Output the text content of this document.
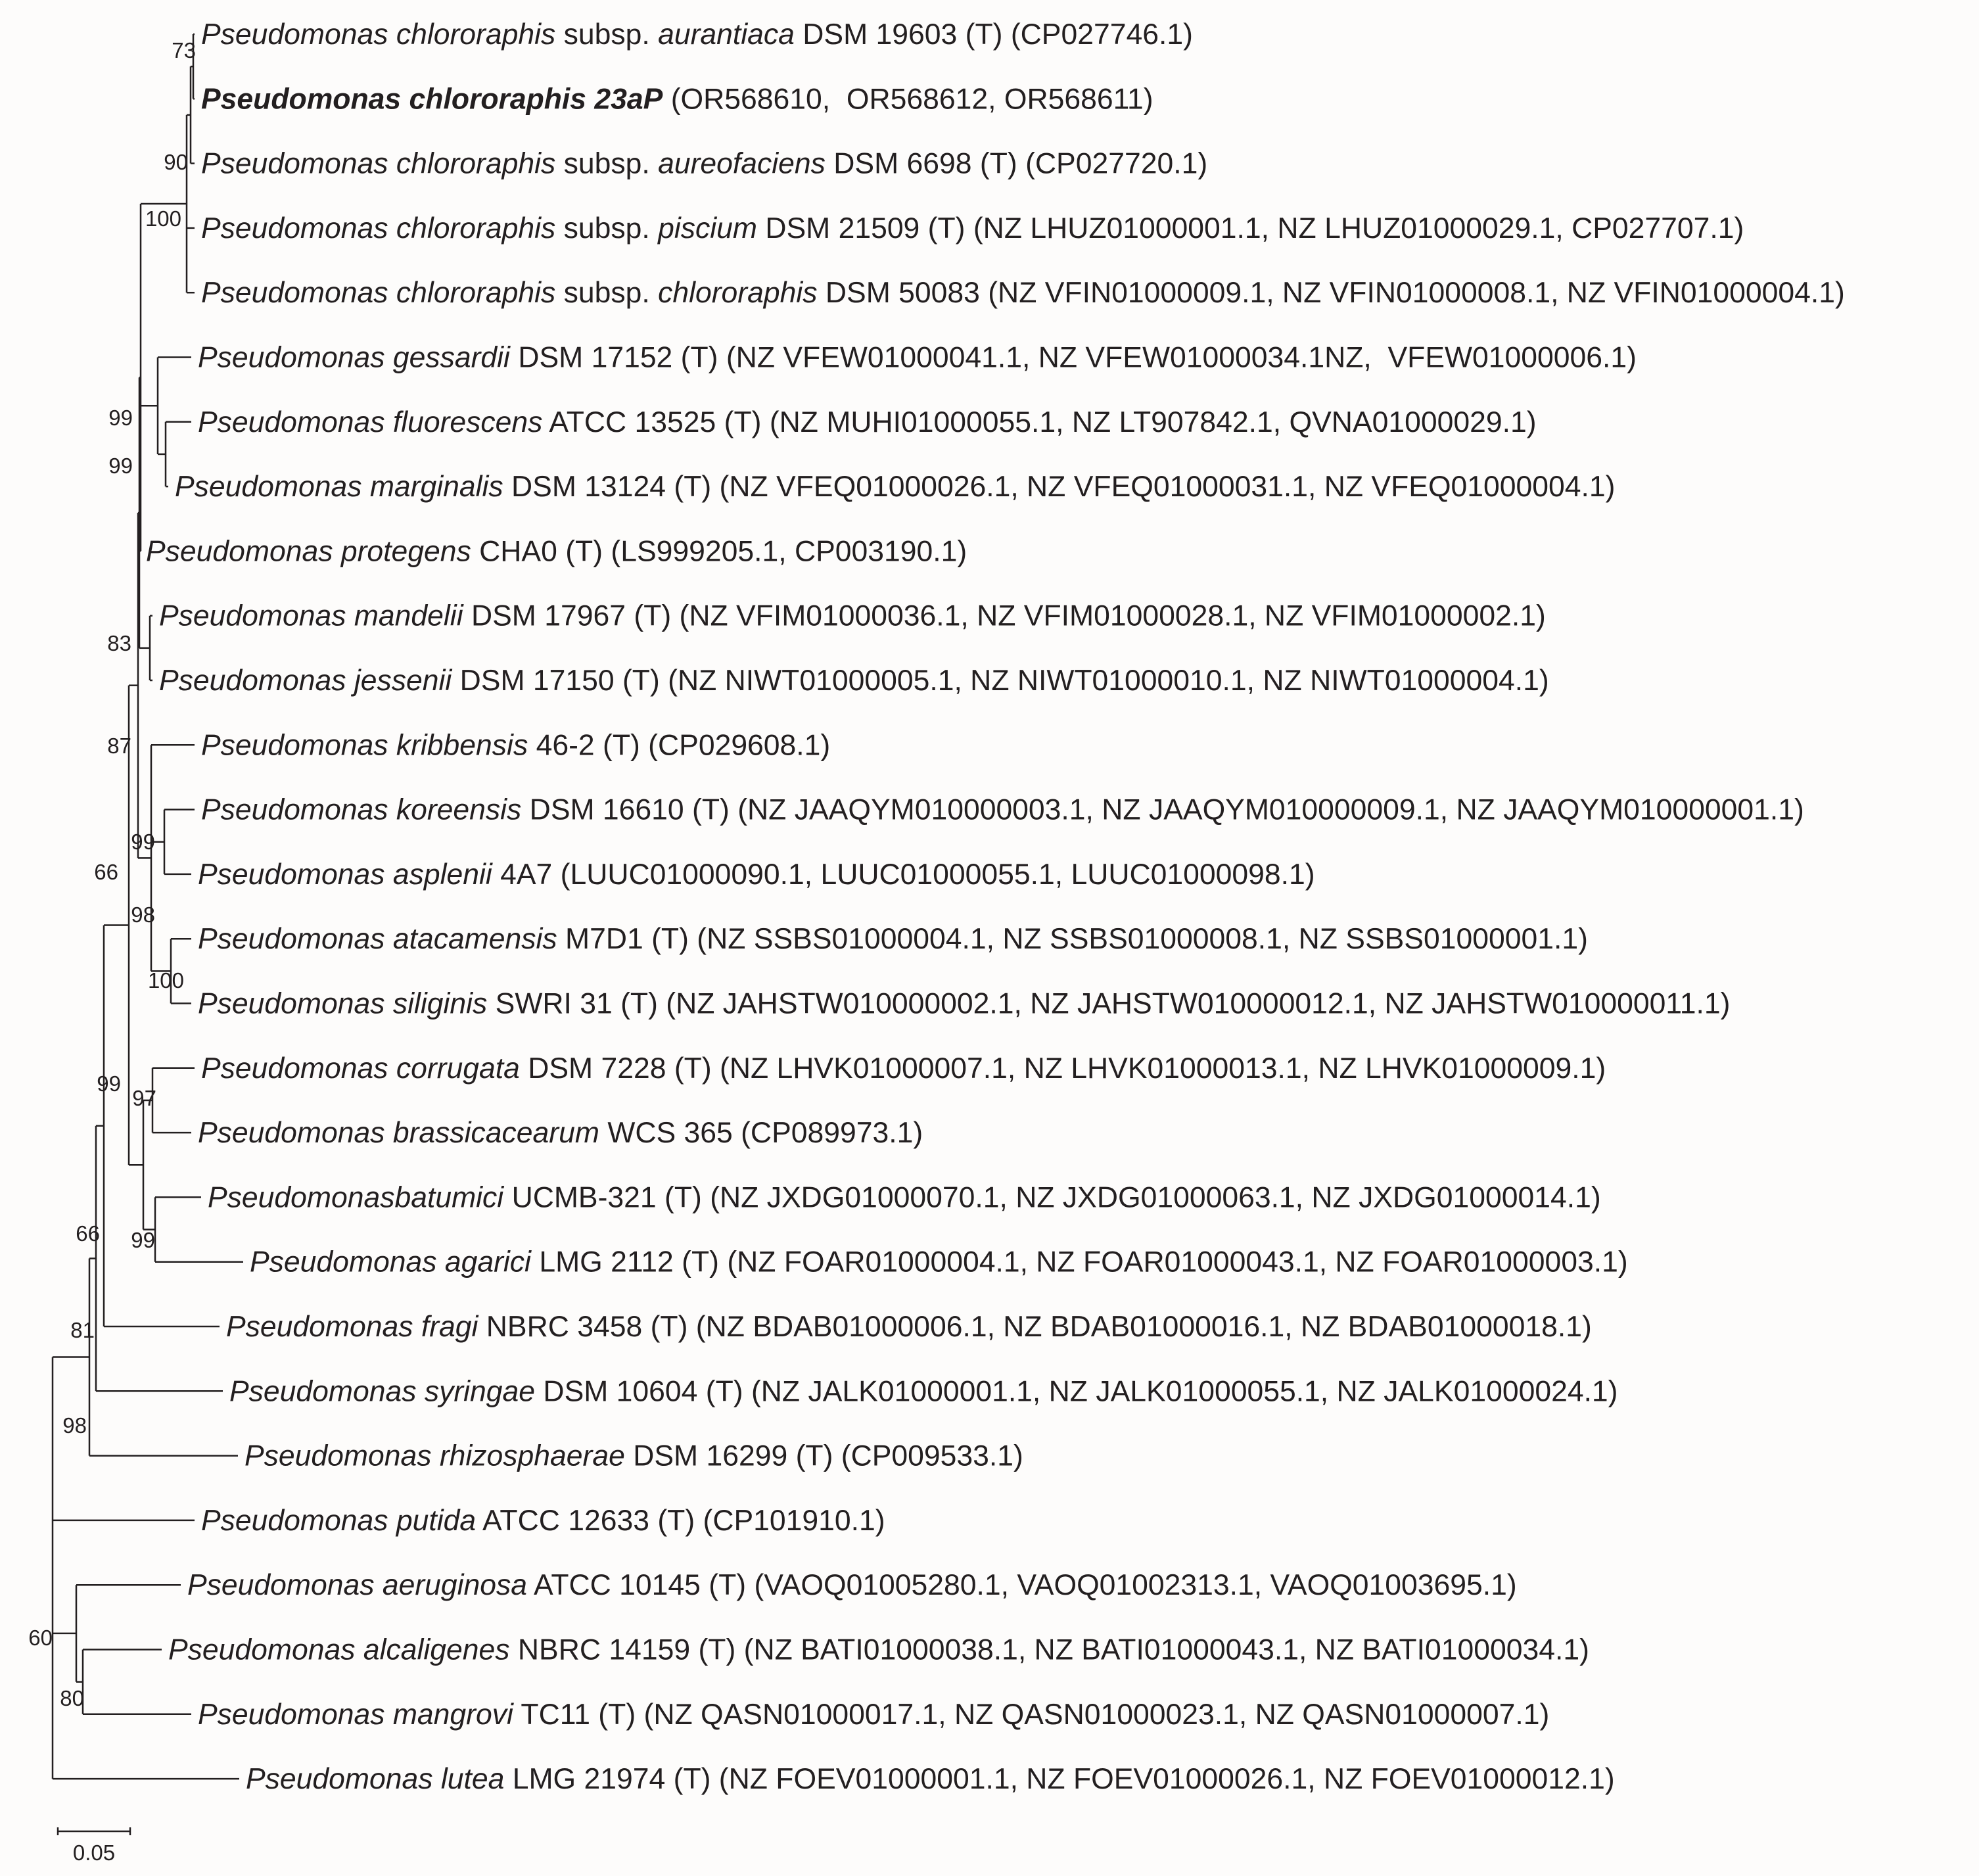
73
90
100
99
99
83
99
100
98
87
97
99
99
66
66
81
98
80
60
Pseudomonas chlororaphis subsp. aurantiaca DSM 19603 (T) (CP027746.1)
Pseudomonas chlororaphis 23aP (OR568610,  OR568612, OR568611)
Pseudomonas chlororaphis subsp. aureofaciens DSM 6698 (T) (CP027720.1)
Pseudomonas chlororaphis subsp. piscium DSM 21509 (T) (NZ LHUZ01000001.1, NZ LHUZ01000029.1, CP027707.1)
Pseudomonas chlororaphis subsp. chlororaphis DSM 50083 (NZ VFIN01000009.1, NZ VFIN01000008.1, NZ VFIN01000004.1)
Pseudomonas gessardii DSM 17152 (T) (NZ VFEW01000041.1, NZ VFEW01000034.1NZ,  VFEW01000006.1)
Pseudomonas fluorescens ATCC 13525 (T) (NZ MUHI01000055.1, NZ LT907842.1, QVNA01000029.1)
Pseudomonas marginalis DSM 13124 (T) (NZ VFEQ01000026.1, NZ VFEQ01000031.1, NZ VFEQ01000004.1)
Pseudomonas protegens CHA0 (T) (LS999205.1, CP003190.1)
Pseudomonas mandelii DSM 17967 (T) (NZ VFIM01000036.1, NZ VFIM01000028.1, NZ VFIM01000002.1)
Pseudomonas jessenii DSM 17150 (T) (NZ NIWT01000005.1, NZ NIWT01000010.1, NZ NIWT01000004.1)
Pseudomonas kribbensis 46-2 (T) (CP029608.1)
Pseudomonas koreensis DSM 16610 (T) (NZ JAAQYM010000003.1, NZ JAAQYM010000009.1, NZ JAAQYM010000001.1)
Pseudomonas asplenii 4A7 (LUUC01000090.1, LUUC01000055.1, LUUC01000098.1)
Pseudomonas atacamensis M7D1 (T) (NZ SSBS01000004.1, NZ SSBS01000008.1, NZ SSBS01000001.1)
Pseudomonas siliginis SWRI 31 (T) (NZ JAHSTW010000002.1, NZ JAHSTW010000012.1, NZ JAHSTW010000011.1)
Pseudomonas corrugata DSM 7228 (T) (NZ LHVK01000007.1, NZ LHVK01000013.1, NZ LHVK01000009.1)
Pseudomonas brassicacearum WCS 365 (CP089973.1)
Pseudomonasbatumici UCMB-321 (T) (NZ JXDG01000070.1, NZ JXDG01000063.1, NZ JXDG01000014.1)
Pseudomonas agarici LMG 2112 (T) (NZ FOAR01000004.1, NZ FOAR01000043.1, NZ FOAR01000003.1)
Pseudomonas fragi NBRC 3458 (T) (NZ BDAB01000006.1, NZ BDAB01000016.1, NZ BDAB01000018.1)
Pseudomonas syringae DSM 10604 (T) (NZ JALK01000001.1, NZ JALK01000055.1, NZ JALK01000024.1)
Pseudomonas rhizosphaerae DSM 16299 (T) (CP009533.1)
Pseudomonas putida ATCC 12633 (T) (CP101910.1)
Pseudomonas aeruginosa ATCC 10145 (T) (VAOQ01005280.1, VAOQ01002313.1, VAOQ01003695.1)
Pseudomonas alcaligenes NBRC 14159 (T) (NZ BATI01000038.1, NZ BATI01000043.1, NZ BATI01000034.1)
Pseudomonas mangrovi TC11 (T) (NZ QASN01000017.1, NZ QASN01000023.1, NZ QASN01000007.1)
Pseudomonas lutea LMG 21974 (T) (NZ FOEV01000001.1, NZ FOEV01000026.1, NZ FOEV01000012.1)
0.05
